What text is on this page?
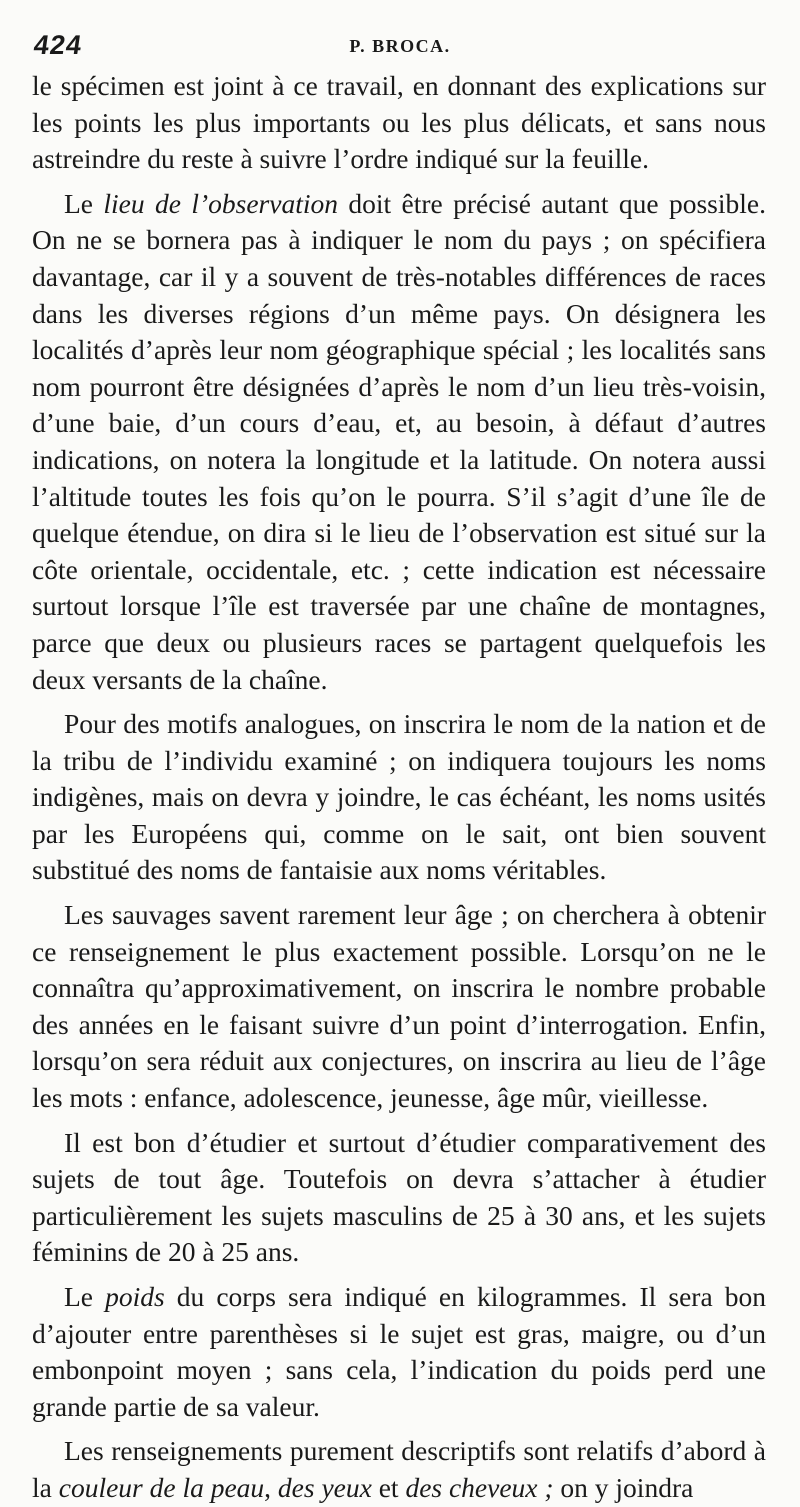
424	P. BROCA.

le spécimen est joint à ce travail, en donnant des explications sur les points les plus importants ou les plus délicats, et sans nous astreindre du reste à suivre l’ordre indiqué sur la feuille.

Le lieu de l’observation doit être précisé autant que possible. On ne se bornera pas à indiquer le nom du pays ; on spécifiera davantage, car il y a souvent de très-notables différences de races dans les diverses régions d’un même pays. On désignera les localités d’après leur nom géographique spécial ; les localités sans nom pourront être désignées d’après le nom d’un lieu très-voisin, d’une baie, d’un cours d’eau, et, au besoin, à défaut d’autres indications, on notera la longitude et la latitude. On notera aussi l’altitude toutes les fois qu’on le pourra. S’il s’agit d’une île de quelque étendue, on dira si le lieu de l’observation est situé sur la côte orientale, occidentale, etc. ; cette indication est nécessaire surtout lorsque l’île est traversée par une chaîne de montagnes, parce que deux ou plusieurs races se partagent quelquefois les deux versants de la chaîne.

Pour des motifs analogues, on inscrira le nom de la nation et de la tribu de l’individu examiné ; on indiquera toujours les noms indigènes, mais on devra y joindre, le cas échéant, les noms usités par les Européens qui, comme on le sait, ont bien souvent substitué des noms de fantaisie aux noms véritables.

Les sauvages savent rarement leur âge ; on cherchera à obtenir ce renseignement le plus exactement possible. Lorsqu’on ne le connaîtra qu’approximativement, on inscrira le nombre probable des années en le faisant suivre d’un point d’interrogation. Enfin, lorsqu’on sera réduit aux conjectures, on inscrira au lieu de l’âge les mots : enfance, adolescence, jeunesse, âge mûr, vieillesse.

Il est bon d’étudier et surtout d’étudier comparativement des sujets de tout âge. Toutefois on devra s’attacher à étudier particulièrement les sujets masculins de 25 à 30 ans, et les sujets féminins de 20 à 25 ans.

Le poids du corps sera indiqué en kilogrammes. Il sera bon d’ajouter entre parenthèses si le sujet est gras, maigre, ou d’un embonpoint moyen ; sans cela, l’indication du poids perd une grande partie de sa valeur.

Les renseignements purement descriptifs sont relatifs d’abord à la couleur de la peau, des yeux et des cheveux ; on y joindra
